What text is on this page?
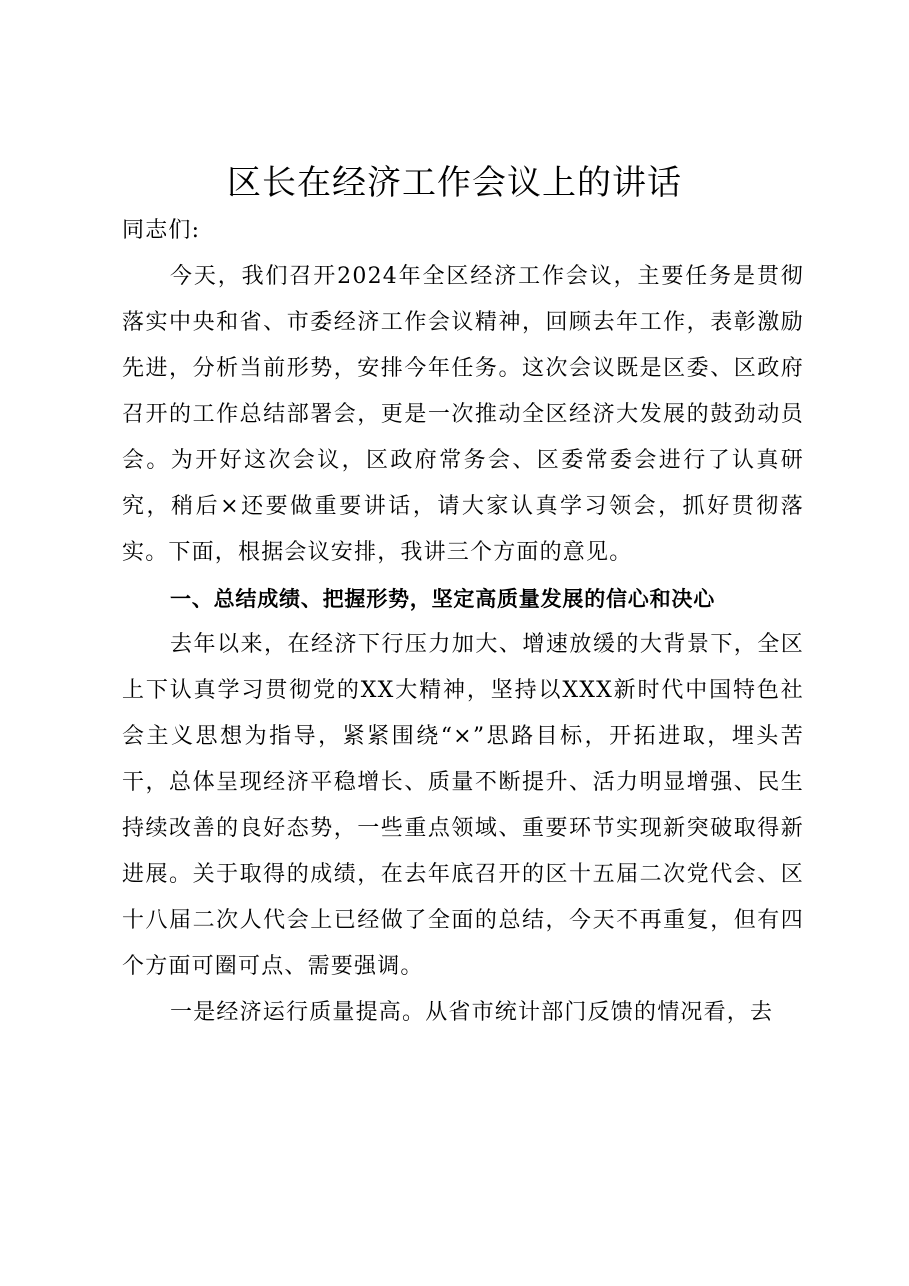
区长在经济工作会议上的讲话

同志们:

今天，我们召开2024年全区经济工作会议，主要任务是贯彻落实中央和省、市委经济工作会议精神，回顾去年工作，表彰激励先进，分析当前形势，安排今年任务。这次会议既是区委、区政府召开的工作总结部署会，更是一次推动全区经济大发展的鼓劲动员会。为开好这次会议，区政府常务会、区委常委会进行了认真研究，稍后×还要做重要讲话，请大家认真学习领会，抓好贯彻落实。下面，根据会议安排，我讲三个方面的意见。

一、总结成绩、把握形势，坚定高质量发展的信心和决心

去年以来，在经济下行压力加大、增速放缓的大背景下，全区上下认真学习贯彻党的XX大精神，坚持以XXX新时代中国特色社会主义思想为指导，紧紧围绕“×”思路目标，开拓进取，埋头苦干，总体呈现经济平稳增长、质量不断提升、活力明显增强、民生持续改善的良好态势，一些重点领域、重要环节实现新突破取得新进展。关于取得的成绩，在去年底召开的区十五届二次党代会、区十八届二次人代会上已经做了全面的总结，今天不再重复，但有四个方面可圈可点、需要强调。

一是经济运行质量提高。从省市统计部门反馈的情况看，去
